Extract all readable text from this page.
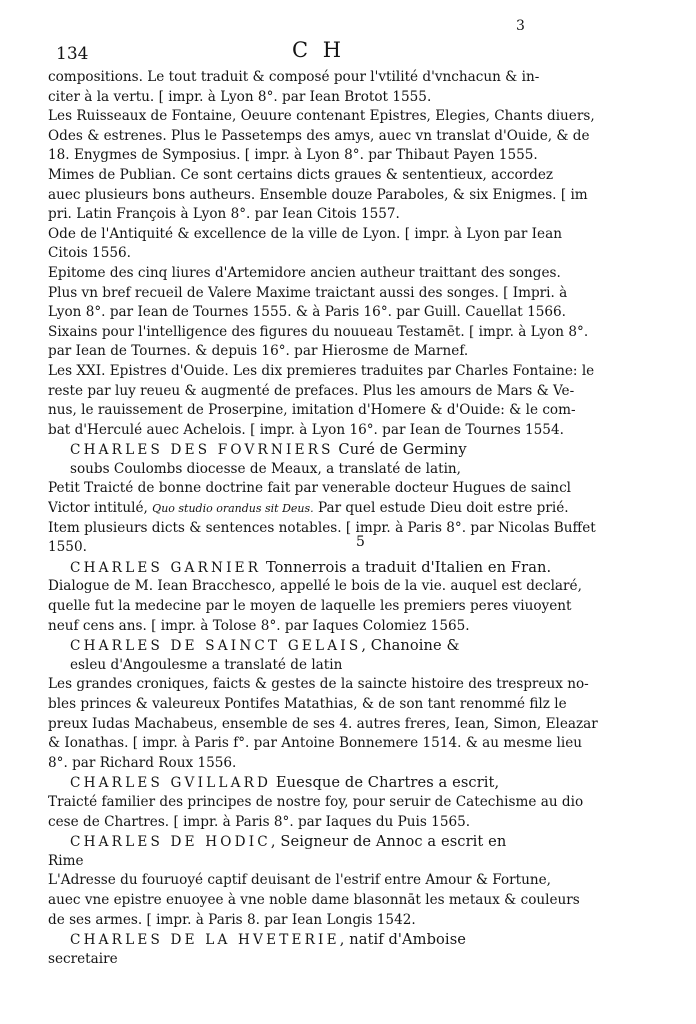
134	C H
3
5
compositions. Le tout traduit & composé pour l'vtilité d'vnchacun & in-
citer à la vertu. [ impr. à Lyon 8°. par Iean Brotot 1555.
Les Ruisseaux de Fontaine, Oeuure contenant Epistres, Elegies, Chants diuers,
Odes & estrenes. Plus le Passetemps des amys, auec vn translat d'Ouide, & de
18. Enygmes de Symposius. [ impr. à Lyon 8°. par Thibaut Payen 1555.
Mimes de Publian. Ce sont certains dicts graues & sententieux, accordez
auec plusieurs bons autheurs. Ensemble douze Paraboles, & six Enigmes. [ im
pri. Latin François à Lyon 8°. par Iean Citois 1557.
Ode de l'Antiquité & excellence de la ville de Lyon. [ impr. à Lyon par Iean
Citois 1556.
Epitome des cinq liures d'Artemidore ancien autheur traittant des songes.
Plus vn bref recueil de Valere Maxime traictant aussi des songes. [ Impri. à
Lyon 8°. par Iean de Tournes 1555. & à Paris 16°. par Guill. Cauellat 1566.
Sixains pour l'intelligence des figures du nouueau Testamēt. [ impr. à Lyon 8°.
par Iean de Tournes. & depuis 16°. par Hierosme de Marnef.
Les XXI. Epistres d'Ouide. Les dix premieres traduites par Charles Fontaine: le
reste par luy reueu & augmenté de prefaces. Plus les amours de Mars & Ve-
nus, le rauissement de Proserpine, imitation d'Homere & d'Ouide: & le com-
bat d'Herculé auec Achelois. [ impr. à Lyon 16°. par Iean de Tournes 1554.
CHARLES DES FOVRNIERS Curé de Germiny
soubs Coulombs diocesse de Meaux, a translaté de latin,
Petit Traicté de bonne doctrine fait par venerable docteur Hugues de saincl
Victor intitulé, Quo studio orandus sit Deus. Par quel estude Dieu doit estre prié.
Item plusieurs dicts & sentences notables. [ impr. à Paris 8°. par Nicolas Buffet
1550.
CHARLES GARNIER Tonnerrois a traduit d'Italien en Fran.
Dialogue de M. Iean Bracchesco, appellé le bois de la vie. auquel est declaré,
quelle fut la medecine par le moyen de laquelle les premiers peres viuoyent
neuf cens ans. [ impr. à Tolose 8°. par Iaques Colomiez 1565.
CHARLES DE SAINCT GELAIS, Chanoine &
esleu d'Angoulesme a translaté de latin
Les grandes croniques, faicts & gestes de la saincte histoire des trespreux no-
bles princes & valeureux Pontifes Matathias, & de son tant renommé filz le
preux Iudas Machabeus, ensemble de ses 4. autres freres, Iean, Simon, Eleazar
& Ionathas. [ impr. à Paris f°. par Antoine Bonnemere 1514. & au mesme lieu
8°. par Richard Roux 1556.
CHARLES GVILLARD Euesque de Chartres a escrit,
Traicté familier des principes de nostre foy, pour seruir de Catechisme au dio
cese de Chartres. [ impr. à Paris 8°. par Iaques du Puis 1565.
CHARLES DE HODIC, Seigneur de Annoc a escrit en
Rime
L'Adresse du fouruoyé captif deuisant de l'estrif entre Amour & Fortune,
auec vne epistre enuoyee à vne noble dame blasonnāt les metaux & couleurs
de ses armes. [ impr. à Paris 8. par Iean Longis 1542.
CHARLES DE LA HVETERIE, natif d'Amboise
secretaire
